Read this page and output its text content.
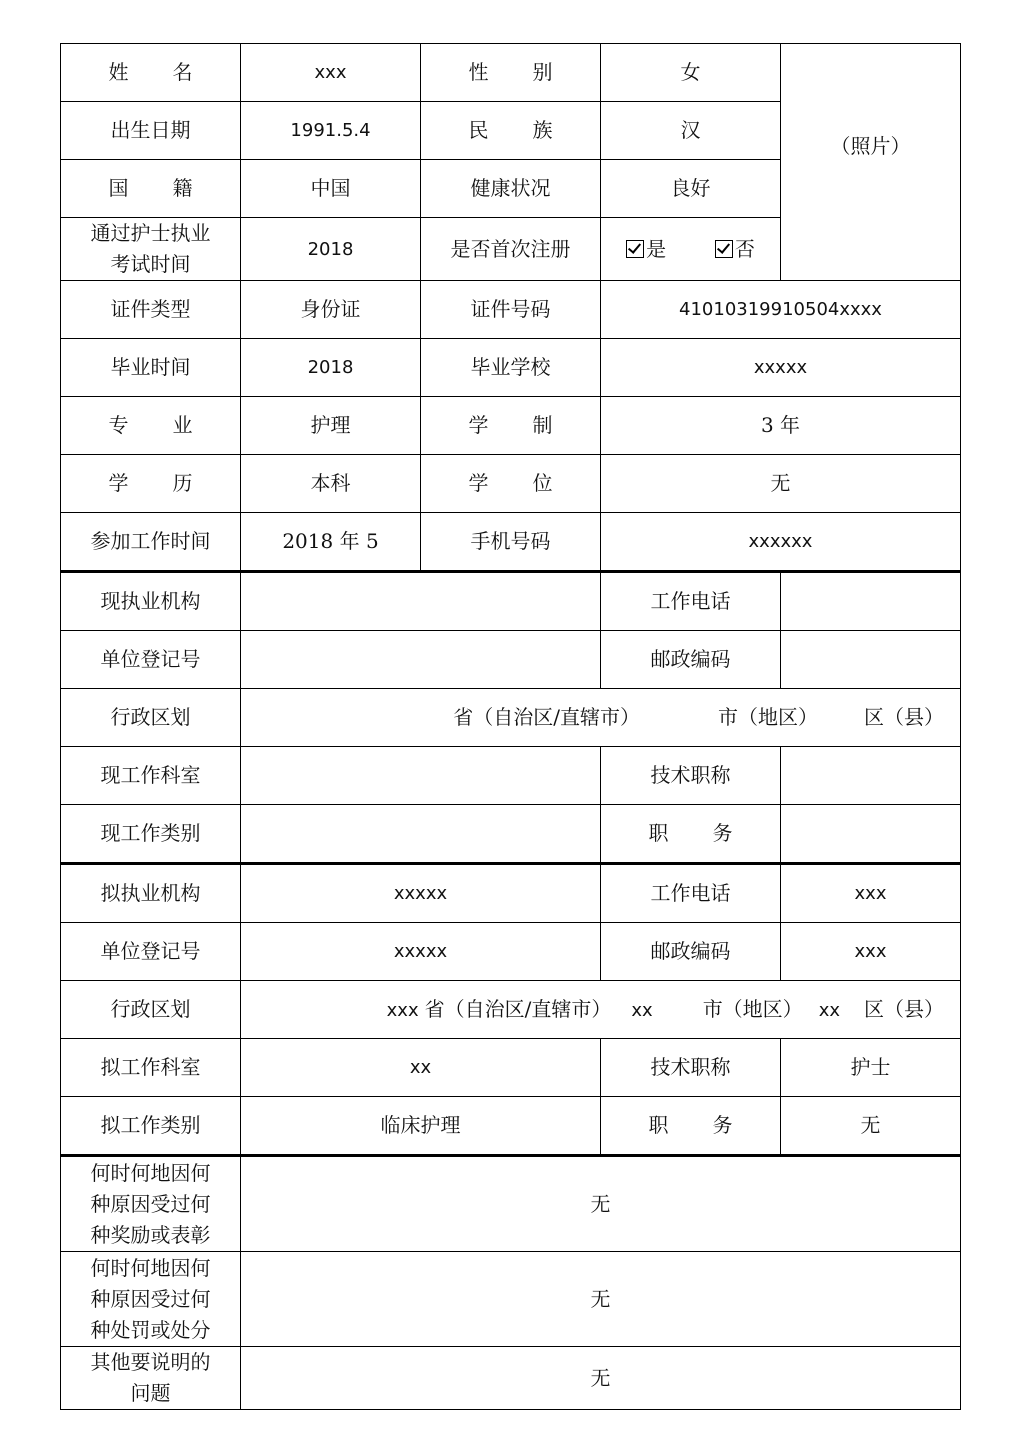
姓 名	xxx	性 别	女	（照片）

出生日期	1991.5.4	民 族	汉	
国 籍	中国	健康状况	良好	
通过护士执业
考试时间	2018	是否首次注册	是 否	
证件类型	身份证	证件号码	41010319910504xxxx	
毕业时间	2018	毕业学校	xxxxx	
专 业	护理	学 制	3 年	
学 历	本科	学 位	无	
参加工作时间	2018 年 5	手机号码	xxxxxx	
现执业机构			工作电话	
单位登记号			邮政编码	
行政区划	省（自治区/直辖市） 市（地区） 区（县）			
现工作科室			技术职称	
现工作类别			职 务	
拟执业机构	xxxxx		工作电话	xxx
单位登记号	xxxxx		邮政编码	xxx
行政区划	xxx 省（自治区/直辖市） xx 市（地区） xx 区（县）			
拟工作科室	xx		技术职称	护士
拟工作类别	临床护理		职 务	无
何时何地因何
种原因受过何
种奖励或表彰	无			
何时何地因何
种原因受过何
种处罚或处分	无			
其他要说明的
问题	无			
